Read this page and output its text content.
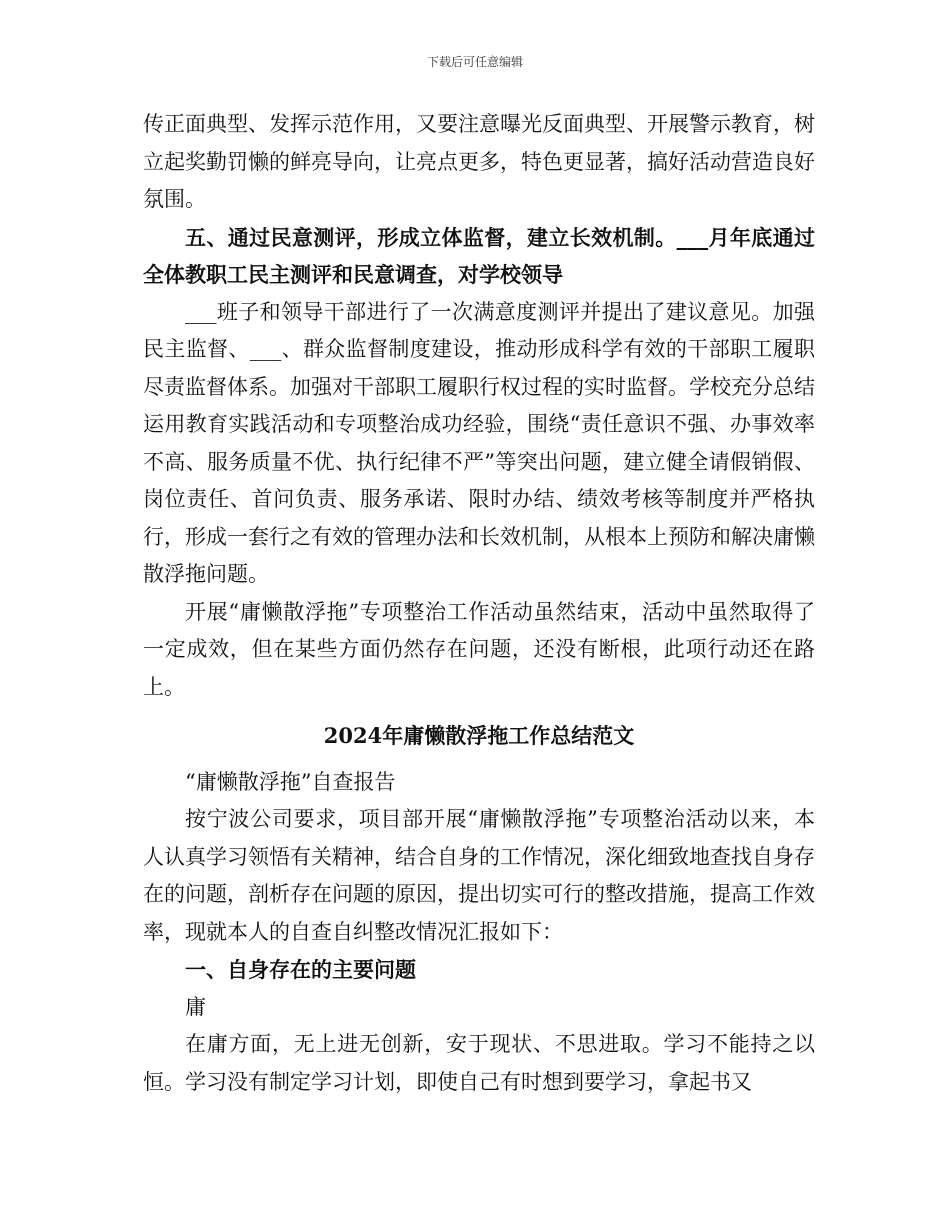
下载后可任意编辑

传正面典型、发挥示范作用，又要注意曝光反面典型、开展警示教育，树立起奖勤罚懒的鲜亮导向，让亮点更多，特色更显著，搞好活动营造良好氛围。

五、通过民意测评，形成立体监督，建立长效机制。___月年底通过全体教职工民主测评和民意调查，对学校领导

___班子和领导干部进行了一次满意度测评并提出了建议意见。加强民主监督、___、群众监督制度建设，推动形成科学有效的干部职工履职尽责监督体系。加强对干部职工履职行权过程的实时监督。学校充分总结运用教育实践活动和专项整治成功经验，围绕“责任意识不强、办事效率不高、服务质量不优、执行纪律不严”等突出问题，建立健全请假销假、岗位责任、首问负责、服务承诺、限时办结、绩效考核等制度并严格执行，形成一套行之有效的管理办法和长效机制，从根本上预防和解决庸懒散浮拖问题。

开展“庸懒散浮拖”专项整治工作活动虽然结束，活动中虽然取得了一定成效，但在某些方面仍然存在问题，还没有断根，此项行动还在路上。

2024年庸懒散浮拖工作总结范文

“庸懒散浮拖”自查报告

按宁波公司要求，项目部开展“庸懒散浮拖”专项整治活动以来，本人认真学习领悟有关精神，结合自身的工作情况，深化细致地查找自身存在的问题，剖析存在问题的原因，提出切实可行的整改措施，提高工作效率，现就本人的自查自纠整改情况汇报如下：

一、自身存在的主要问题

庸

在庸方面，无上进无创新，安于现状、不思进取。学习不能持之以恒。学习没有制定学习计划，即使自己有时想到要学习，拿起书又
